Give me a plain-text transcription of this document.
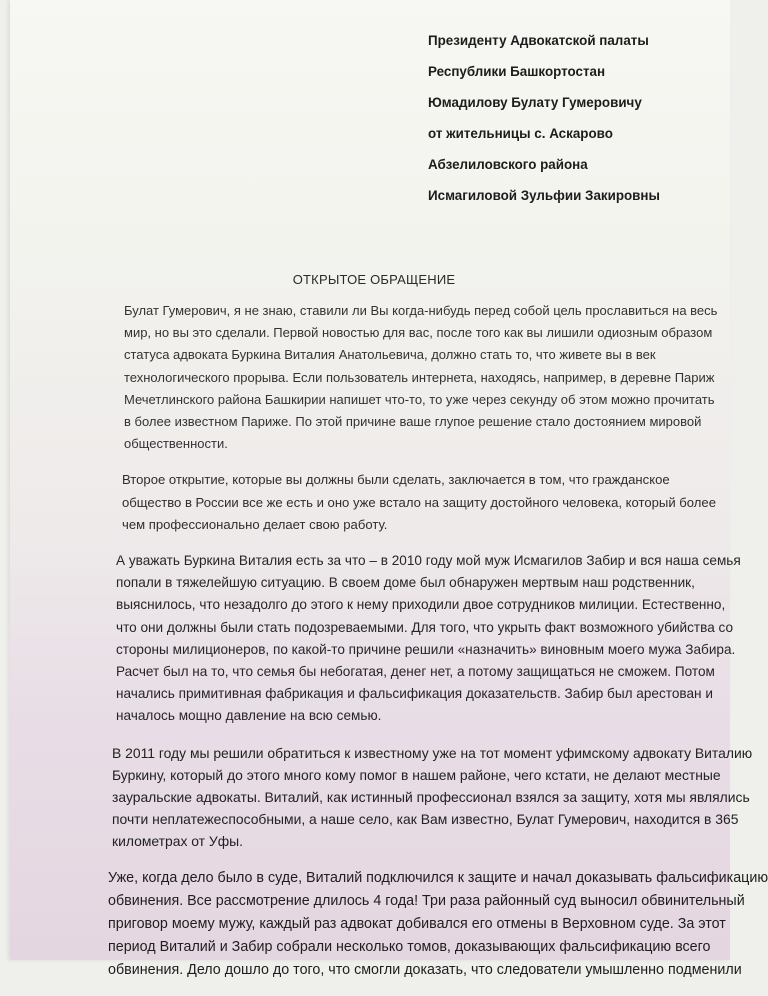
Президенту Адвокатской палаты
Республики Башкортостан
Юмадилову Булату Гумеровичу
от жительницы с. Аскарово
Абзелиловского района
Исмагиловой Зульфии Закировны
ОТКРЫТОЕ ОБРАЩЕНИЕ
Булат Гумерович, я не знаю, ставили ли Вы когда-нибудь перед собой цель прославиться на весь
мир, но вы это сделали. Первой новостью для вас, после того как вы лишили одиозным образом
статуса адвоката Буркина Виталия Анатольевича, должно стать то, что живете вы в век
технологического прорыва. Если пользователь интернета, находясь, например, в деревне Париж
Мечетлинского района Башкирии напишет что-то, то уже через секунду об этом можно прочитать
в более известном Париже. По этой причине ваше глупое решение стало достоянием мировой
общественности.
Второе открытие, которые вы должны были сделать, заключается в том, что гражданское
общество в России все же есть и оно уже встало на защиту достойного человека, который более
чем профессионально делает свою работу.
А уважать Буркина Виталия есть за что – в 2010 году мой муж Исмагилов Забир и вся наша семья
попали в тяжелейшую ситуацию. В своем доме был обнаружен мертвым наш родственник,
выяснилось, что незадолго до этого к нему приходили двое сотрудников милиции. Естественно,
что они должны были стать подозреваемыми. Для того, что укрыть факт возможного убийства со
стороны милиционеров, по какой-то причине решили «назначить» виновным моего мужа Забира.
Расчет был на то, что семья бы небогатая, денег нет, а потому защищаться не сможем. Потом
начались примитивная фабрикация и фальсификация доказательств. Забир был арестован и
началось мощно давление на всю семью.
В 2011 году мы решили обратиться к известному уже на тот момент уфимскому адвокату Виталию
Буркину, который до этого много кому помог в нашем районе, чего кстати, не делают местные
зауральские адвокаты. Виталий, как истинный профессионал взялся за защиту, хотя мы являлись
почти неплатежеспособными, а наше село, как Вам известно, Булат Гумерович, находится в 365
километрах от Уфы.
Уже, когда дело было в суде, Виталий подключился к защите и начал доказывать фальсификацию
обвинения. Все рассмотрение длилось 4 года! Три раза районный суд выносил обвинительный
приговор моему мужу, каждый раз адвокат добивался его отмены в Верховном суде. За этот
период Виталий и Забир собрали несколько томов, доказывающих фальсификацию всего
обвинения. Дело дошло до того, что смогли доказать, что следователи умышленно подменили
